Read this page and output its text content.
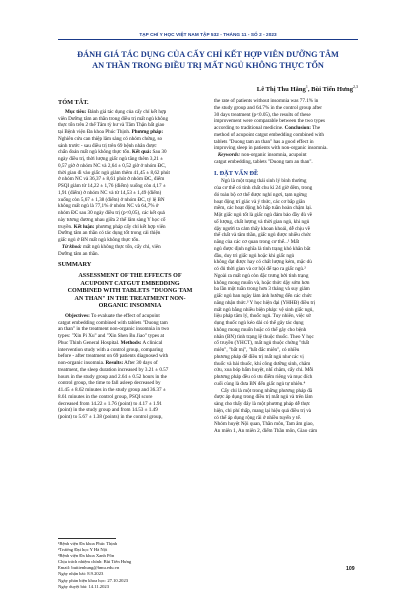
TẠP CHÍ Y HỌC VIỆT NAM TẬP 532 - THÁNG 11 - SỐ 2 - 2023
ĐÁNH GIÁ TÁC DỤNG CỦA CẤY CHỈ KẾT HỢP VIÊN DƯỠNG TÂM
AN THẦN TRONG ĐIỀU TRỊ MẤT NGỦ KHÔNG THỰC TỔN
Lê Thị Thu Hằng$^1$, Bùi Tiến Hưng$^{2,3}$
TÓM TẮT.
Mục tiêu: Đánh giá tác dụng của cấy chỉ kết hợp
viên Dưỡng tâm an thần trong điều trị mất ngủ không
thực tổn trên 2 thể Tâm tỳ hư và Tâm Thận bất giao
tại Bệnh viện Đa khoa Phúc Thịnh. Phương pháp:
Nghiên cứu can thiệp lâm sàng có nhóm chứng, so
sánh trước - sau điều trị trên 69 bệnh nhân được
chẩn đoán mất ngủ không thực tổn. Kết quả: Sau 30
ngày điều trị, thời lượng giấc ngủ tăng thêm 3,21 ±
0,57 giờ ở nhóm NC và 2,64 ± 0,52 giờ ở nhóm ĐC,
thời gian đi vào giấc ngủ giảm thêm 41,45 ± 8,62 phút
ở nhóm NC và 36,37 ± 8,61 phút ở nhóm ĐC, điểm
PSQI giảm từ 14,22 ± 1,76 (điểm) xuống còn 4,17 ±
1,91 (điểm) ở nhóm NC và từ 14,53 ± 1,49 (điểm)
xuống còn 5,67 ± 1,38 (điểm) ở nhóm ĐC, tỷ lệ BN
không mất ngủ là 77,1% ở nhóm NC và 64,7% ở
nhóm ĐC sau 30 ngày điều trị (p<0,05), các kết quả
này tương đương nhau giữa 2 thể lâm sàng Y học cổ
truyền. Kết luận: phương pháp cấy chỉ kết hợp viên
Dưỡng tâm an thần có tác dụng tốt trong cải thiện
giấc ngủ ở BN mất ngủ không thực tổn.
Từ khoá: mất ngủ không thực tổn, cấy chỉ, viên
Dưỡng tâm an thần.
SUMMARY
ASSESSMENT OF THE EFFECTS OF
ACUPOINT CATGUT EMBEDDING
COMBINED WITH TABLETS "DUONG TAM
AN THAN" IN THE TREATMENT NON-
ORGANIC INSOMNIA
Objectives: To evaluate the effect of acupoint
catgut embedding combined with tablets "Duong tam
an than" in the treatment non-organic insomnia in two
types: "Xin Pi Xu" and "Xin Shen Bu Jiao" types at
Phuc Thinh General Hospital. Methods: A clinical
intervention study with a control group, comparing
before - after treatment on 69 patients diagnosed with
non-organic insomnia. Results: After 30 days of
treatment, the sleep duration increased by 3.21 ± 0.57
hours in the study group and 2.64 ± 0.52 hours in the
control group, the time to fall asleep decreased by
41.45 ± 8.62 minutes in the study group and 36.37 ±
8.61 minutes in the control group, PSQI score
decreased from 14.22 ± 1.76 (point) to 4.17 ± 1.91
(point) in the study group and from 14.53 ± 1.49
(point) to 5.67 ± 1.38 (points) in the control group,
the rate of patients without insomnia was 77.1% in
the study group and 64.7% in the control group after
30 days treatment (p<0.05), the results of these
improvement were comparable between the two types
according to traditional medicine. Conclusion: The
method of acupoint catgut embedding combined with
tablets "Duong tam an than" has a good effect in
improving sleep in patients with non-organic insomnia.
Keywords: non-organic insomnia, acupoint
catgut embedding, tablets "Duong tam an than".
I. ĐẶT VẤN ĐỀ
Ngủ là một trạng thái sinh lý bình thường
của cơ thể có tính chất chu kì 24 giờ đêm, trong
đó toàn bộ cơ thể được nghỉ ngơi, tạm ngừng
hoạt động trí giác và ý thức, các cơ bắp giãn
mềm, các hoạt động hô hấp tuần hoàn chậm lại.
Một giấc ngủ tốt là giấc ngủ đảm bảo đầy đủ về
số lượng, chất lượng và thời gian ngủ, khi ngủ
dậy người ta cảm thấy khoan khoái, dễ chịu về
thể chất và tâm thần, giấc ngủ được nhiều chức
năng của các cơ quan trong cơ thể...¹ Mất
ngủ được định nghĩa là tình trạng khó khăn bắt
đầu, duy trì giấc ngủ hoặc khi giấc ngủ
không đạt được hay có chất lượng kém, mặc dù
có đủ thời gian và cơ hội để tạo ra giấc ngủ.²
Ngoài ra mất ngủ còn đặc trưng bởi tình trạng
không mong muốn và, hoặc thức dậy sớm hơn
ba lần một tuần trong hơn 3 tháng và suy giảm
giấc ngủ ban ngày làm ảnh hưởng đến các chức
năng nhận thức.³ Y học hiện đại (YHHĐ) điều trị
mất ngủ bằng nhiều biện pháp: vệ sinh giấc ngủ,
liệu pháp tâm lý, thuốc ngủ. Tuy nhiên, việc sử
dụng thuốc ngủ kéo dài có thể gây tác dụng
không mong muốn hoặc có thể gây cho bệnh
nhân (BN) tình trạng lệ thuộc thuốc. Theo Y học
cổ truyền (YHCT), mất ngủ thuộc chứng "thất
miên", "bất mị", "bất đắc miên", có nhiều
phương pháp để điều trị mất ngủ như các vị
thuốc và bài thuốc, khí công dưỡng sinh, châm
cứu, xoa bóp bấm huyệt, nhĩ châm, cấy chỉ. Mỗi
phương pháp đều có ưu điểm riêng và mục đích
cuối cùng là đưa BN đến giấc ngủ tự nhiên.⁴
Cấy chỉ là một trong những phương pháp đã
được áp dụng trong điều trị mất ngủ và trên lâm
sàng cho thấy đây là một phương pháp dễ thực
hiện, chi phí thấp, mang lại hiệu quả điều trị và
có thể áp dụng rộng rãi ở nhiều tuyến y tế.
Nhóm huyệt Nội quan, Thần môn, Tam âm giao,
An miên 1, An miên 2, điểm Thần môn, Giao cảm
¹Bệnh viện Đa khoa Phúc Thịnh
²Trường Đại học Y Hà Nội
³Bệnh viện Đa khoa Xanh Pôn
Chịu trách nhiệm chính: Bùi Tiến Hưng
Email: buitienhung@hmu.edu.vn
Ngày nhận bài: 8.9.2023
Ngày phản biện khoa học: 27.10.2023
Ngày duyệt bài: 14.11.2023
109
